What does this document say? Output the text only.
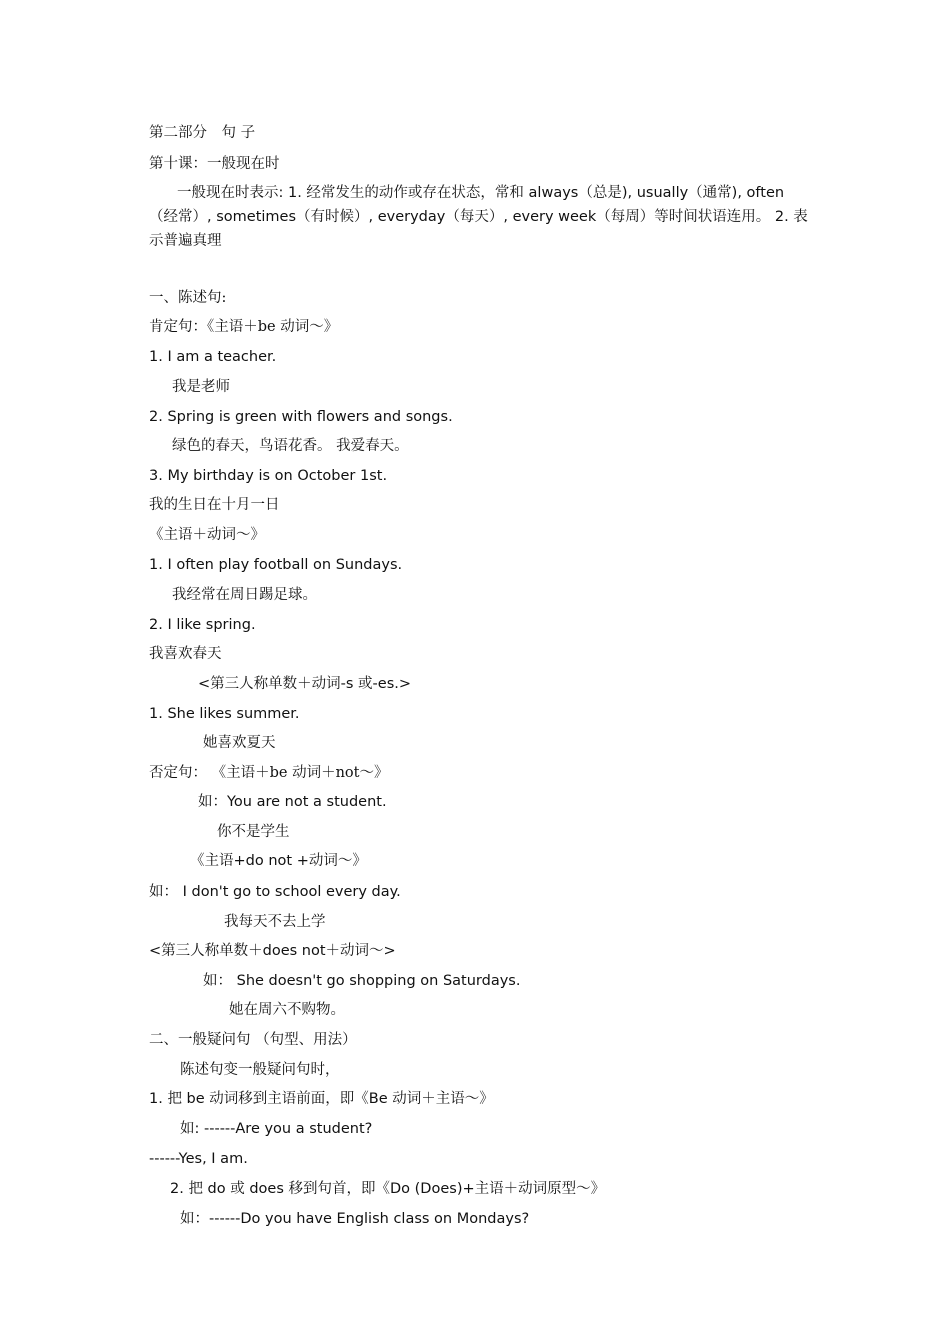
第二部分　句 子
第十课：一般现在时
一般现在时表示: 1. 经常发生的动作或存在状态，常和 always（总是), usually（通常), often（经常）, sometimes（有时候）, everyday（每天）, every week（每周）等时间状语连用。 2. 表示普遍真理
一、陈述句:
肯定句：《主语＋be 动词～》
1. I am a teacher.
我是老师
2. Spring is green with flowers and songs.
绿色的春天，鸟语花香。 我爱春天。
3. My birthday is on October 1st.
我的生日在十月一日
《主语＋动词～》
1. I often play football on Sundays.
我经常在周日踢足球。
2. I like spring.
我喜欢春天
<第三人称单数＋动词-s 或-es.>
1. She likes summer.
她喜欢夏天
否定句： 《主语＋be 动词＋not～》
如：You are not a student.
你不是学生
《主语+do not +动词～》
如： I don't go to school every day.
我每天不去上学
<第三人称单数＋does not＋动词～>
如： She doesn't go shopping on Saturdays.
她在周六不购物。
二、一般疑问句 （句型、用法）
陈述句变一般疑问句时，
1. 把 be 动词移到主语前面，即《Be 动词＋主语～》
如: ------Are you a student?
------Yes, I am.
2. 把 do 或 does 移到句首，即《Do (Does)+主语＋动词原型～》
如：------Do you have English class on Mondays?
